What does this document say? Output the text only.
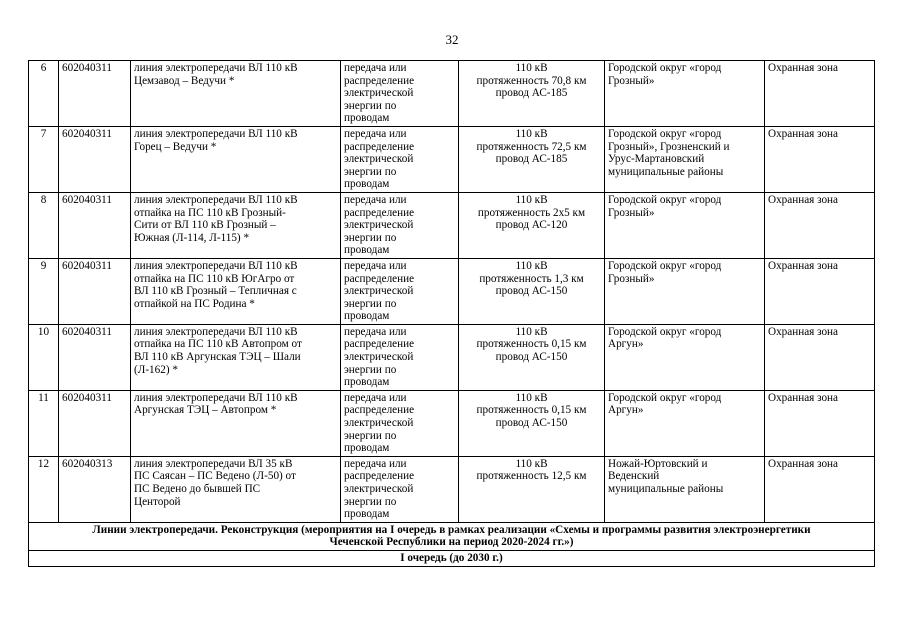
32
6	602040311	линия электропередачи ВЛ 110 кВ
Цемзавод – Ведучи *	передача или
распределение
электрической
энергии по
проводам	110 кВ
протяженность 70,8 км
провод АС-185	Городской округ «город
Грозный»	Охранная зона
7	602040311	линия электропередачи ВЛ 110 кВ
Горец – Ведучи *	передача или
распределение
электрической
энергии по
проводам	110 кВ
протяженность 72,5 км
провод АС-185	Городской округ «город
Грозный», Грозненский и
Урус-Мартановский
муниципальные районы	Охранная зона
8	602040311	линия электропередачи ВЛ 110 кВ
отпайка на ПС 110 кВ Грозный-
Сити от ВЛ 110 кВ Грозный –
Южная (Л-114, Л-115) *	передача или
распределение
электрической
энергии по
проводам	110 кВ
протяженность 2х5 км
провод АС-120	Городской округ «город
Грозный»	Охранная зона
9	602040311	линия электропередачи ВЛ 110 кВ
отпайка на ПС 110 кВ ЮгАгро от
ВЛ 110 кВ Грозный – Тепличная с
отпайкой на ПС Родина *	передача или
распределение
электрической
энергии по
проводам	110 кВ
протяженность 1,3 км
провод АС-150	Городской округ «город
Грозный»	Охранная зона
10	602040311	линия электропередачи ВЛ 110 кВ
отпайка на ПС 110 кВ Автопром от
ВЛ 110 кВ Аргунская ТЭЦ – Шали
(Л-162) *	передача или
распределение
электрической
энергии по
проводам	110 кВ
протяженность 0,15 км
провод АС-150	Городской округ «город
Аргун»	Охранная зона
11	602040311	линия электропередачи ВЛ 110 кВ
Аргунская ТЭЦ – Автопром *	передача или
распределение
электрической
энергии по
проводам	110 кВ
протяженность 0,15 км
провод АС-150	Городской округ «город
Аргун»	Охранная зона
12	602040313	линия электропередачи ВЛ 35 кВ
ПС Саясан – ПС Ведено (Л-50) от
ПС Ведено до бывшей ПС
Центорой	передача или
распределение
электрической
энергии по
проводам	110 кВ
протяженность 12,5 км	Ножай-Юртовский и
Веденский
муниципальные районы	Охранная зона

Линии электропередачи. Реконструкция (мероприятия на I очередь в рамках реализации «Схемы и программы развития электроэнергетики
Чеченской Республики на период 2020-2024 гг.»)						

I очередь (до 2030 г.)						
